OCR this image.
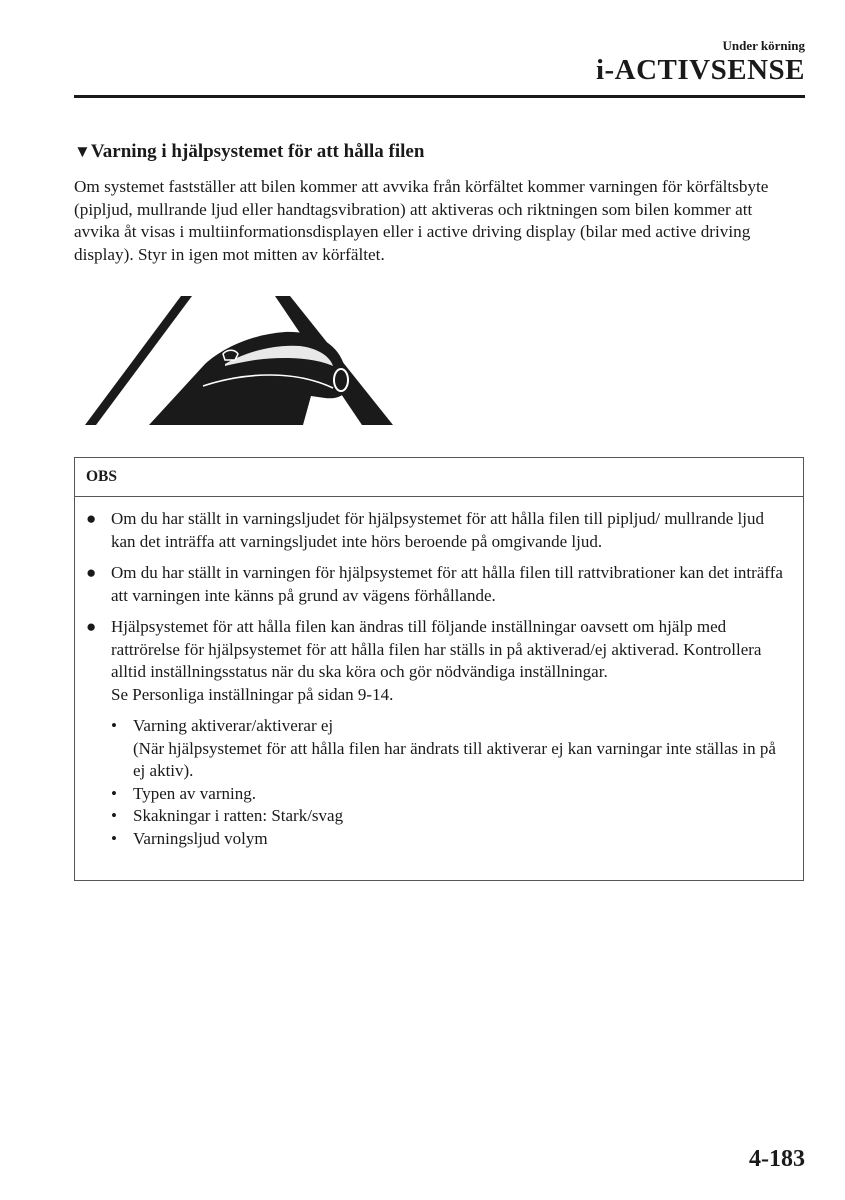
Under körning
i-ACTIVSENSE
▼Varning i hjälpsystemet för att hålla filen
Om systemet fastställer att bilen kommer att avvika från körfältet kommer varningen för körfältsbyte (pipljud, mullrande ljud eller handtagsvibration) att aktiveras och riktningen som bilen kommer att avvika åt visas i multiinformationsdisplayen eller i active driving display (bilar med active driving display). Styr in igen mot mitten av körfältet.
OBS
● Om du har ställt in varningsljudet för hjälpsystemet för att hålla filen till pipljud/ mullrande ljud kan det inträffa att varningsljudet inte hörs beroende på omgivande ljud.
● Om du har ställt in varningen för hjälpsystemet för att hålla filen till rattvibrationer kan det inträffa att varningen inte känns på grund av vägens förhållande.
● Hjälpsystemet för att hålla filen kan ändras till följande inställningar oavsett om hjälp med rattrörelse för hjälpsystemet för att hålla filen har ställs in på aktiverad/ej aktiverad. Kontrollera alltid inställningsstatus när du ska köra och gör nödvändiga inställningar.
Se Personliga inställningar på sidan 9-14.
• Varning aktiverar/aktiverar ej
(När hjälpsystemet för att hålla filen har ändrats till aktiverar ej kan varningar inte ställas in på ej aktiv).
• Typen av varning.
• Skakningar i ratten: Stark/svag
• Varningsljud volym
4-183
